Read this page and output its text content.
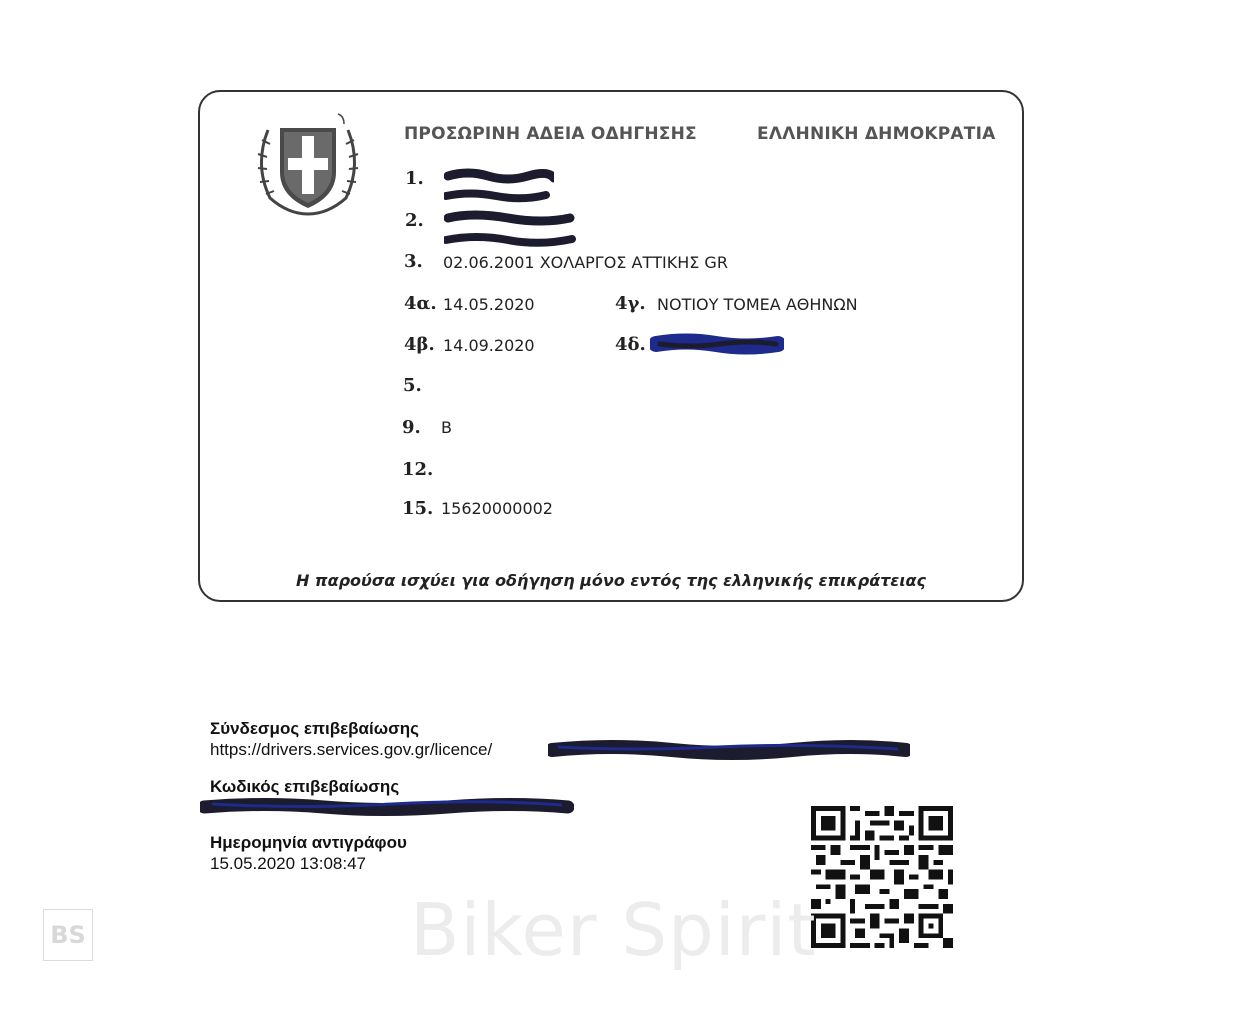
ΠΡΟΣΩΡΙΝΗ ΑΔΕΙΑ ΟΔΗΓΗΣΗΣ	ΕΛΛΗΝΙΚΗ ΔΗΜΟΚΡΑΤΙΑ
1.
2.
3. 02.06.2001 ΧΟΛΑΡΓΟΣ ΑΤΤΙΚΗΣ GR
4α. 14.05.2020	4γ. ΝΟΤΙΟΥ ΤΟΜΕΑ ΑΘΗΝΩΝ
4β. 14.09.2020	4δ.
5.
9. B
12.
15. 15620000002
Η παρούσα ισχύει για οδήγηση μόνο εντός της ελληνικής επικράτειας
Σύνδεσμος επιβεβαίωσης
https://drivers.services.gov.gr/licence/
Κωδικός επιβεβαίωσης
Ημερομηνία αντιγράφου
15.05.2020 13:08:47
Biker Spirit
BS
